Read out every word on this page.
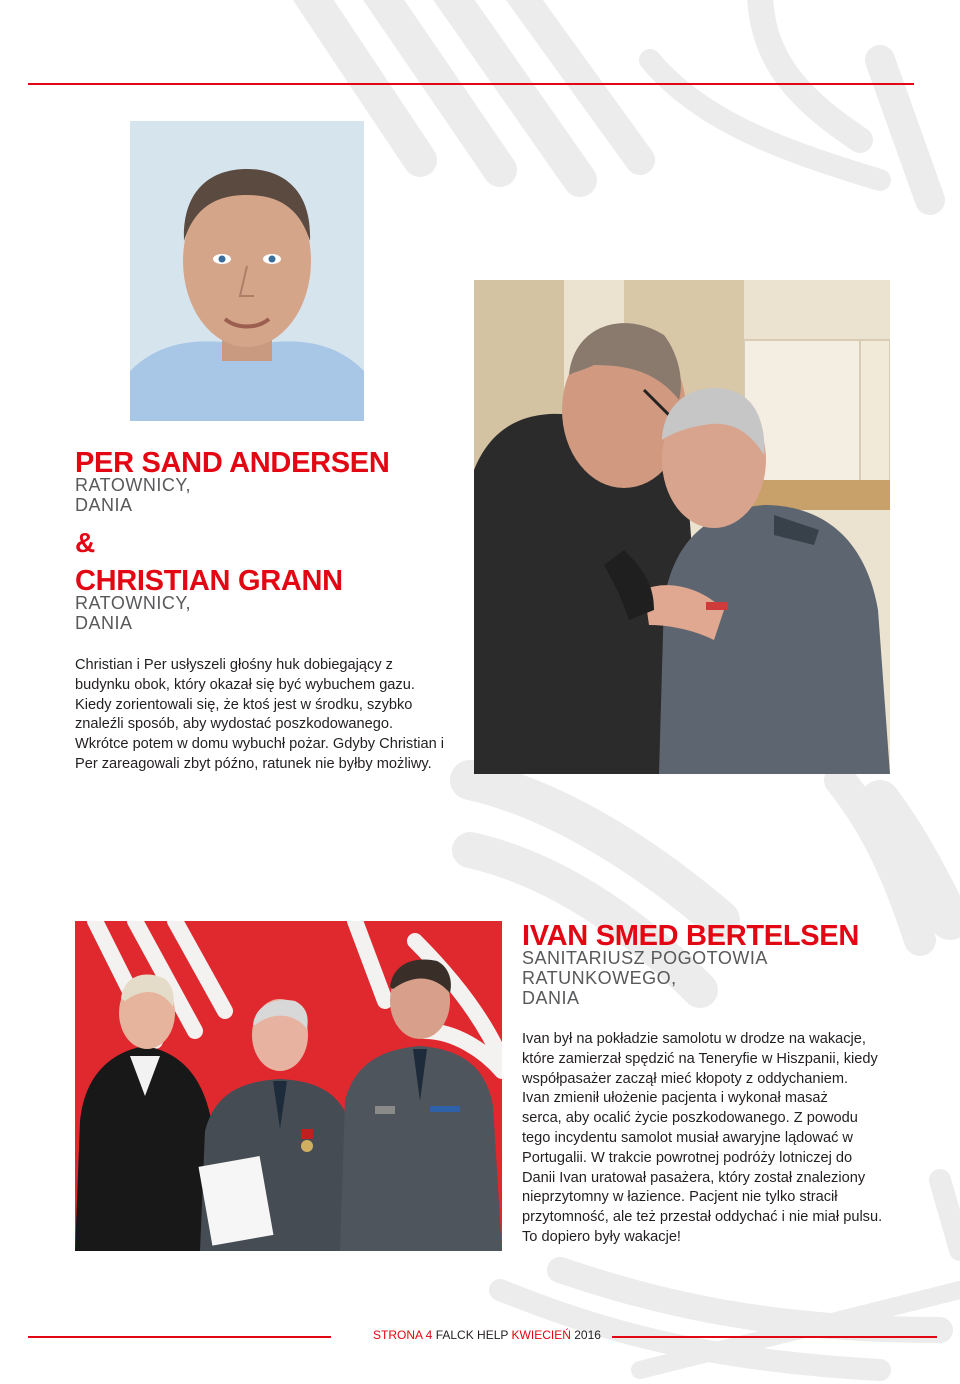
PER SAND ANDERSEN
RATOWNICY,
DANIA
&
CHRISTIAN GRANN
RATOWNICY,
DANIA
Christian i Per usłyszeli głośny huk dobiegający z
budynku obok, który okazał się być wybuchem gazu.
Kiedy zorientowali się, że ktoś jest w środku, szybko
znaleźli sposób, aby wydostać poszkodowanego.
Wkrótce potem w domu wybuchł pożar. Gdyby Christian i
Per zareagowali zbyt późno, ratunek nie byłby możliwy.
IVAN SMED BERTELSEN
SANITARIUSZ POGOTOWIA
RATUNKOWEGO,
DANIA
Ivan był na pokładzie samolotu w drodze na wakacje,
które zamierzał spędzić na Teneryfie w Hiszpanii, kiedy
współpasażer zaczął mieć kłopoty z oddychaniem.
Ivan zmienił ułożenie pacjenta i wykonał masaż
serca, aby ocalić życie poszkodowanego. Z powodu
tego incydentu samolot musiał awaryjne lądować w
Portugalii. W trakcie powrotnej podróży lotniczej do
Danii Ivan uratował pasażera, który został znaleziony
nieprzytomny w łazience. Pacjent nie tylko stracił
przytomność, ale też przestał oddychać i nie miał pulsu.
To dopiero były wakacje!
STRONA 4 FALCK HELP KWIECIEŃ 2016
